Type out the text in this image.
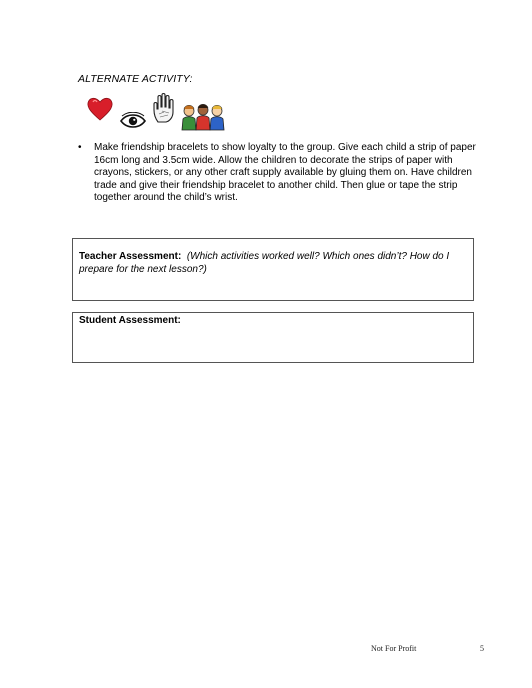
ALTERNATE ACTIVITY:
•	Make friendship bracelets to show loyalty to the group. Give each child a strip of paper 16cm long and 3.5cm wide. Allow the children to decorate the strips of paper with crayons, stickers, or any other craft supply available by gluing them on. Have children trade and give their friendship bracelet to another child. Then glue or tape the strip together around the child’s wrist.

Teacher Assessment: (Which activities worked well? Which ones didn’t? How do I prepare for the next lesson?)
Student Assessment:
Not For Profit	5
